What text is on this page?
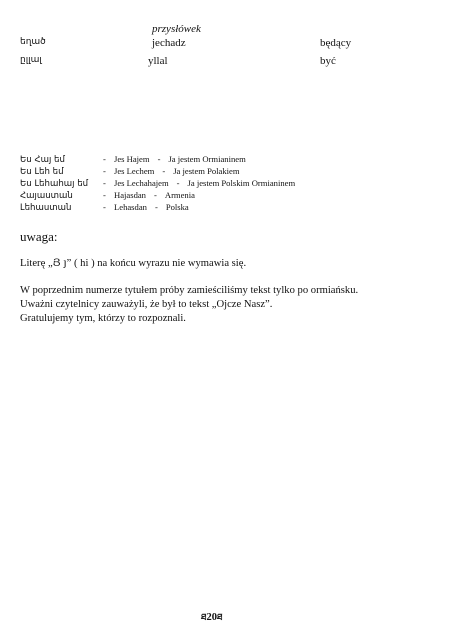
przysłówek
եղած	jechadz	będący
ըլլալ	yllal	być
Ես Հայ եմ	- Jes Hajem - Ja jestem Ormianinem
Ես Լեհ եմ	- Jes Lechem - Ja jestem Polakiem
Ես Լեհահայ եմ - Jes Lechahajem - Ja jestem Polskim Ormianinem
Հայաստան	- Hajasdan - Armenia
Լեհաստան	- Lehasdan - Polska
uwaga:
Literę „Յ յ” ( hi ) na końcu wyrazu nie wymawia się.
W poprzednim numerze tytułem próby zamieściliśmy tekst tylko po ormiańsku.
Uważni czytelnicy zauważyli, że był to tekst „Ojcze Nasz”.
Gratulujemy tym, którzy to rozpoznali.
ཐ20ཐ
